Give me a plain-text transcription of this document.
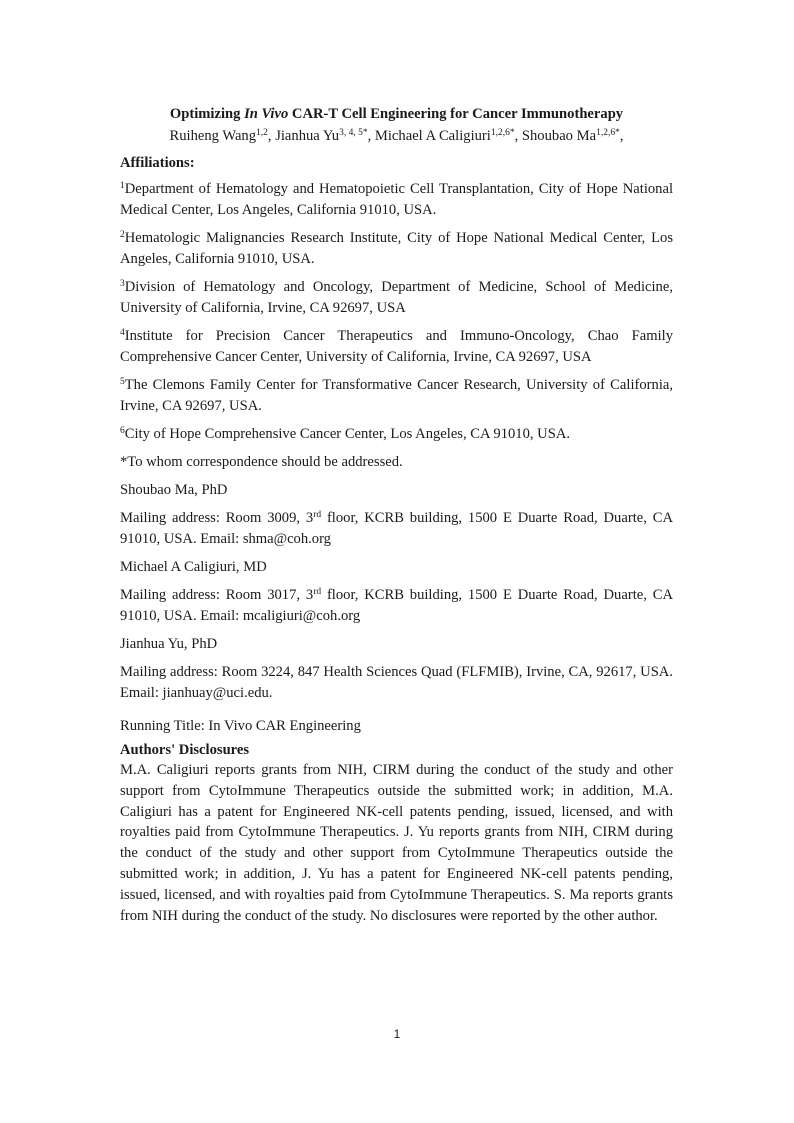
Optimizing In Vivo CAR-T Cell Engineering for Cancer Immunotherapy
Ruiheng Wang$^{1,2}$, Jianhua $Yu^{3, 4, 5*}$, Michael A Caligiuri$^{1,2,6*}$, Shoubao $Ma^{1,2,6*}$,
Affiliations:
$^1$Department of Hematology and Hematopoietic Cell Transplantation, City of Hope National Medical Center, Los Angeles, California 91010, USA.
$^2$Hematologic Malignancies Research Institute, City of Hope National Medical Center, Los Angeles, California 91010, USA.
$^3$Division of Hematology and Oncology, Department of Medicine, School of Medicine, University of California, Irvine, CA 92697, USA
$^4$Institute for Precision Cancer Therapeutics and Immuno-Oncology, Chao Family Comprehensive Cancer Center, University of California, Irvine, CA 92697, USA
$^5$The Clemons Family Center for Transformative Cancer Research, University of California, Irvine, CA 92697, USA.
$^6$City of Hope Comprehensive Cancer Center, Los Angeles, CA 91010, USA.
*To whom correspondence should be addressed.
Shoubao Ma, PhD
Mailing address: Room 3009, 3rd floor, KCRB building, 1500 E Duarte Road, Duarte, CA 91010, USA. Email: shma@coh.org
Michael A Caligiuri, MD
Mailing address: Room 3017, 3rd floor, KCRB building, 1500 E Duarte Road, Duarte, CA 91010, USA. Email: mcaligiuri@coh.org
Jianhua Yu, PhD
Mailing address: Room 3224, 847 Health Sciences Quad (FLFMIB), Irvine, CA, 92617, USA. Email: jianhuay@uci.edu.
Running Title: In Vivo CAR Engineering
Authors' Disclosures

M.A. Caligiuri reports grants from NIH, CIRM during the conduct of the study and other support from CytoImmune Therapeutics outside the submitted work; in addition, M.A. Caligiuri has a patent for Engineered NK-cell patents pending, issued, licensed, and with royalties paid from CytoImmune Therapeutics. J. Yu reports grants from NIH, CIRM during the conduct of the study and other support from CytoImmune Therapeutics outside the submitted work; in addition, J. Yu has a patent for Engineered NK-cell patents pending, issued, licensed, and with royalties paid from CytoImmune Therapeutics. S. Ma reports grants from NIH during the conduct of the study. No disclosures were reported by the other author.

1
